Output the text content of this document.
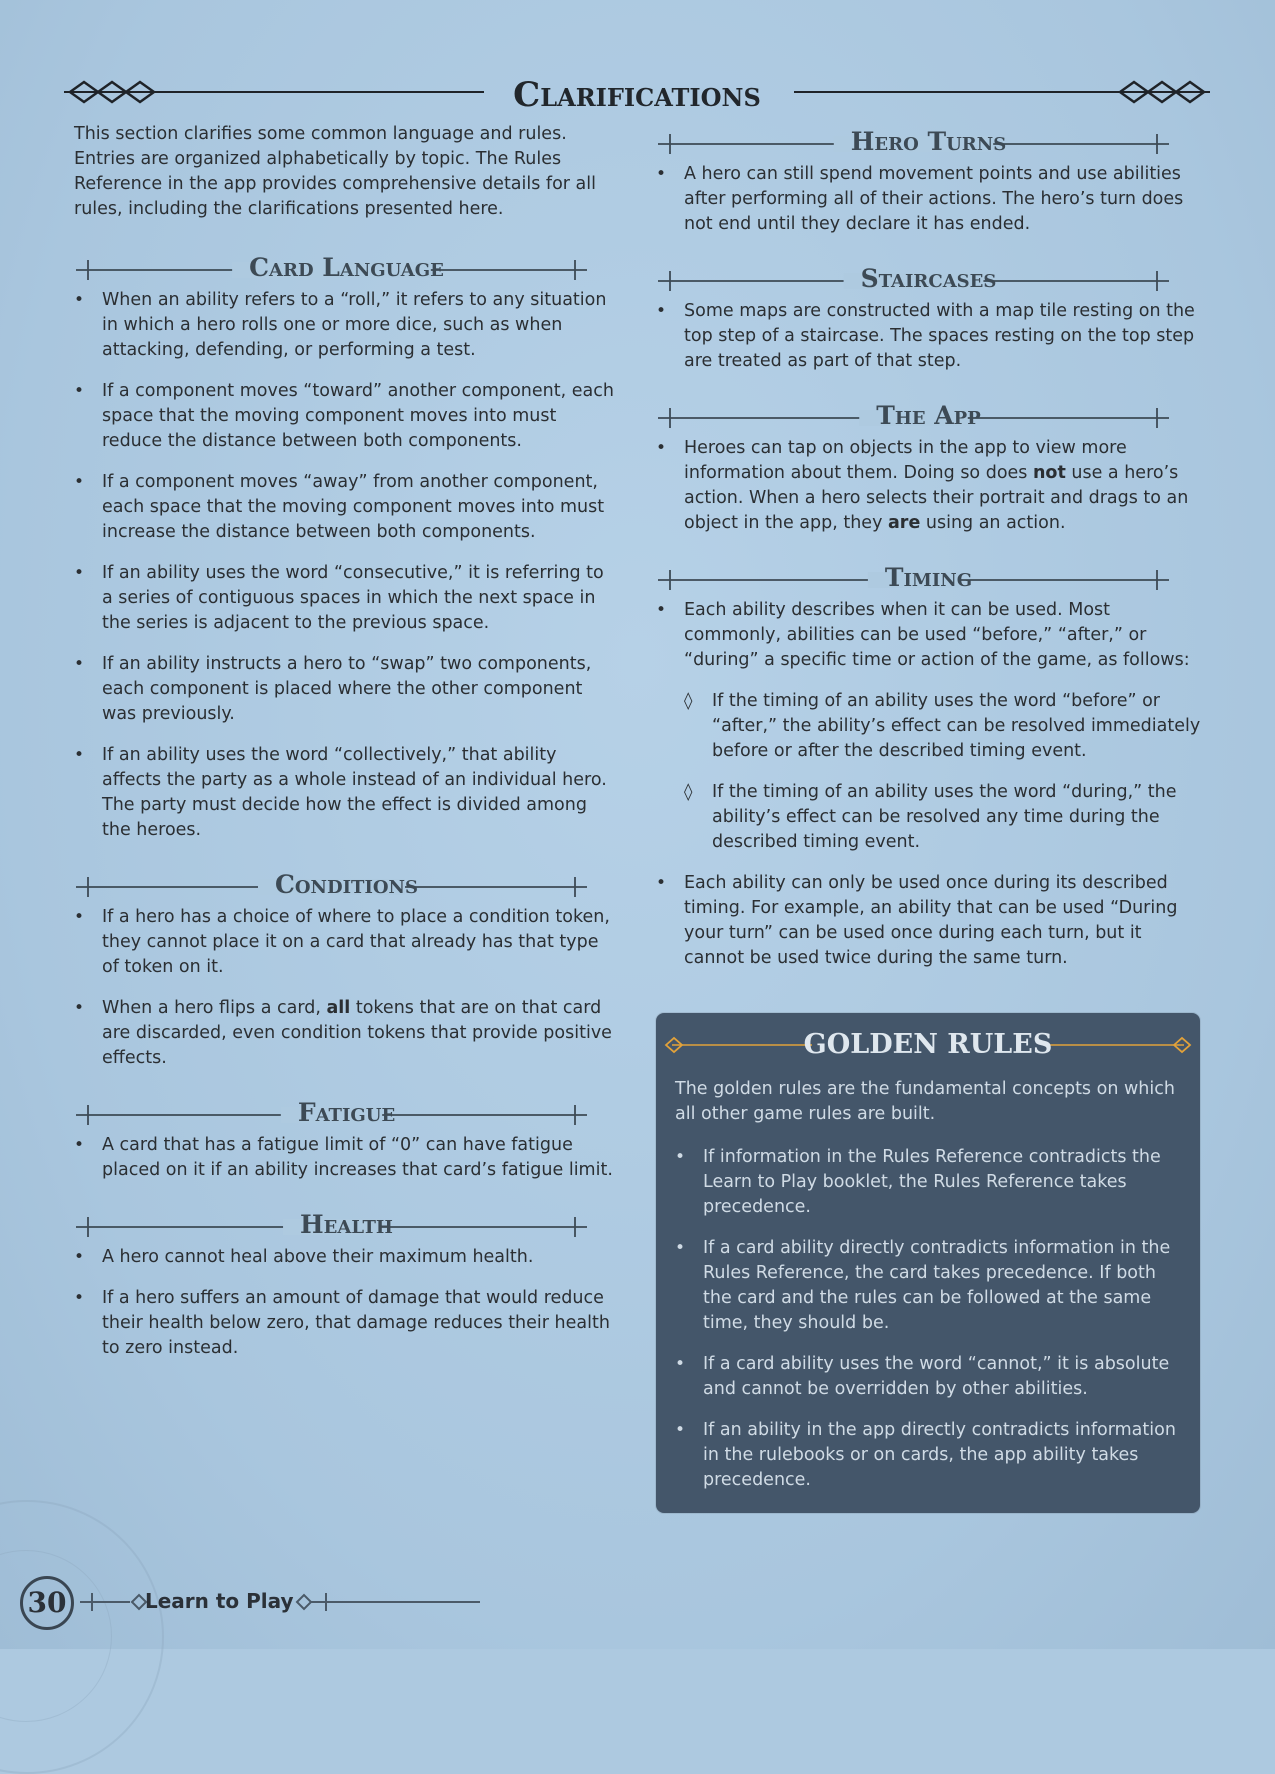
Clarifications

This section clarifies some common language and rules. Entries are organized alphabetically by topic. The Rules Reference in the app provides comprehensive details for all rules, including the clarifications presented here.

Card Language
• When an ability refers to a “roll,” it refers to any situation in which a hero rolls one or more dice, such as when attacking, defending, or performing a test.
• If a component moves “toward” another component, each space that the moving component moves into must reduce the distance between both components.
• If a component moves “away” from another component, each space that the moving component moves into must increase the distance between both components.
• If an ability uses the word “consecutive,” it is referring to a series of contiguous spaces in which the next space in the series is adjacent to the previous space.
• If an ability instructs a hero to “swap” two components, each component is placed where the other component was previously.
• If an ability uses the word “collectively,” that ability affects the party as a whole instead of an individual hero. The party must decide how the effect is divided among the heroes.
Conditions
• If a hero has a choice of where to place a condition token, they cannot place it on a card that already has that type of token on it.
• When a hero flips a card, all tokens that are on that card are discarded, even condition tokens that provide positive effects.
Fatigue
• A card that has a fatigue limit of “0” can have fatigue placed on it if an ability increases that card’s fatigue limit.
Health
• A hero cannot heal above their maximum health.
• If a hero suffers an amount of damage that would reduce their health below zero, that damage reduces their health to zero instead.
Hero Turns
• A hero can still spend movement points and use abilities after performing all of their actions. The hero’s turn does not end until they declare it has ended.
Staircases
• Some maps are constructed with a map tile resting on the top step of a staircase. The spaces resting on the top step are treated as part of that step.
The App
• Heroes can tap on objects in the app to view more information about them. Doing so does not use a hero’s action. When a hero selects their portrait and drags to an object in the app, they are using an action.
Timing
• Each ability describes when it can be used. Most commonly, abilities can be used “before,” “after,” or “during” a specific time or action of the game, as follows:
◊ If the timing of an ability uses the word “before” or “after,” the ability’s effect can be resolved immediately before or after the described timing event.
◊ If the timing of an ability uses the word “during,” the ability’s effect can be resolved any time during the described timing event.
• Each ability can only be used once during its described timing. For example, an ability that can be used “During your turn” can be used once during each turn, but it cannot be used twice during the same turn.
GOLDEN RULES

The golden rules are the fundamental concepts on which all other game rules are built.

• If information in the Rules Reference contradicts the Learn to Play booklet, the Rules Reference takes precedence.
• If a card ability directly contradicts information in the Rules Reference, the card takes precedence. If both the card and the rules can be followed at the same time, they should be.
• If a card ability uses the word “cannot,” it is absolute and cannot be overridden by other abilities.
• If an ability in the app directly contradicts information in the rulebooks or on cards, the app ability takes precedence.
30	Learn to Play
